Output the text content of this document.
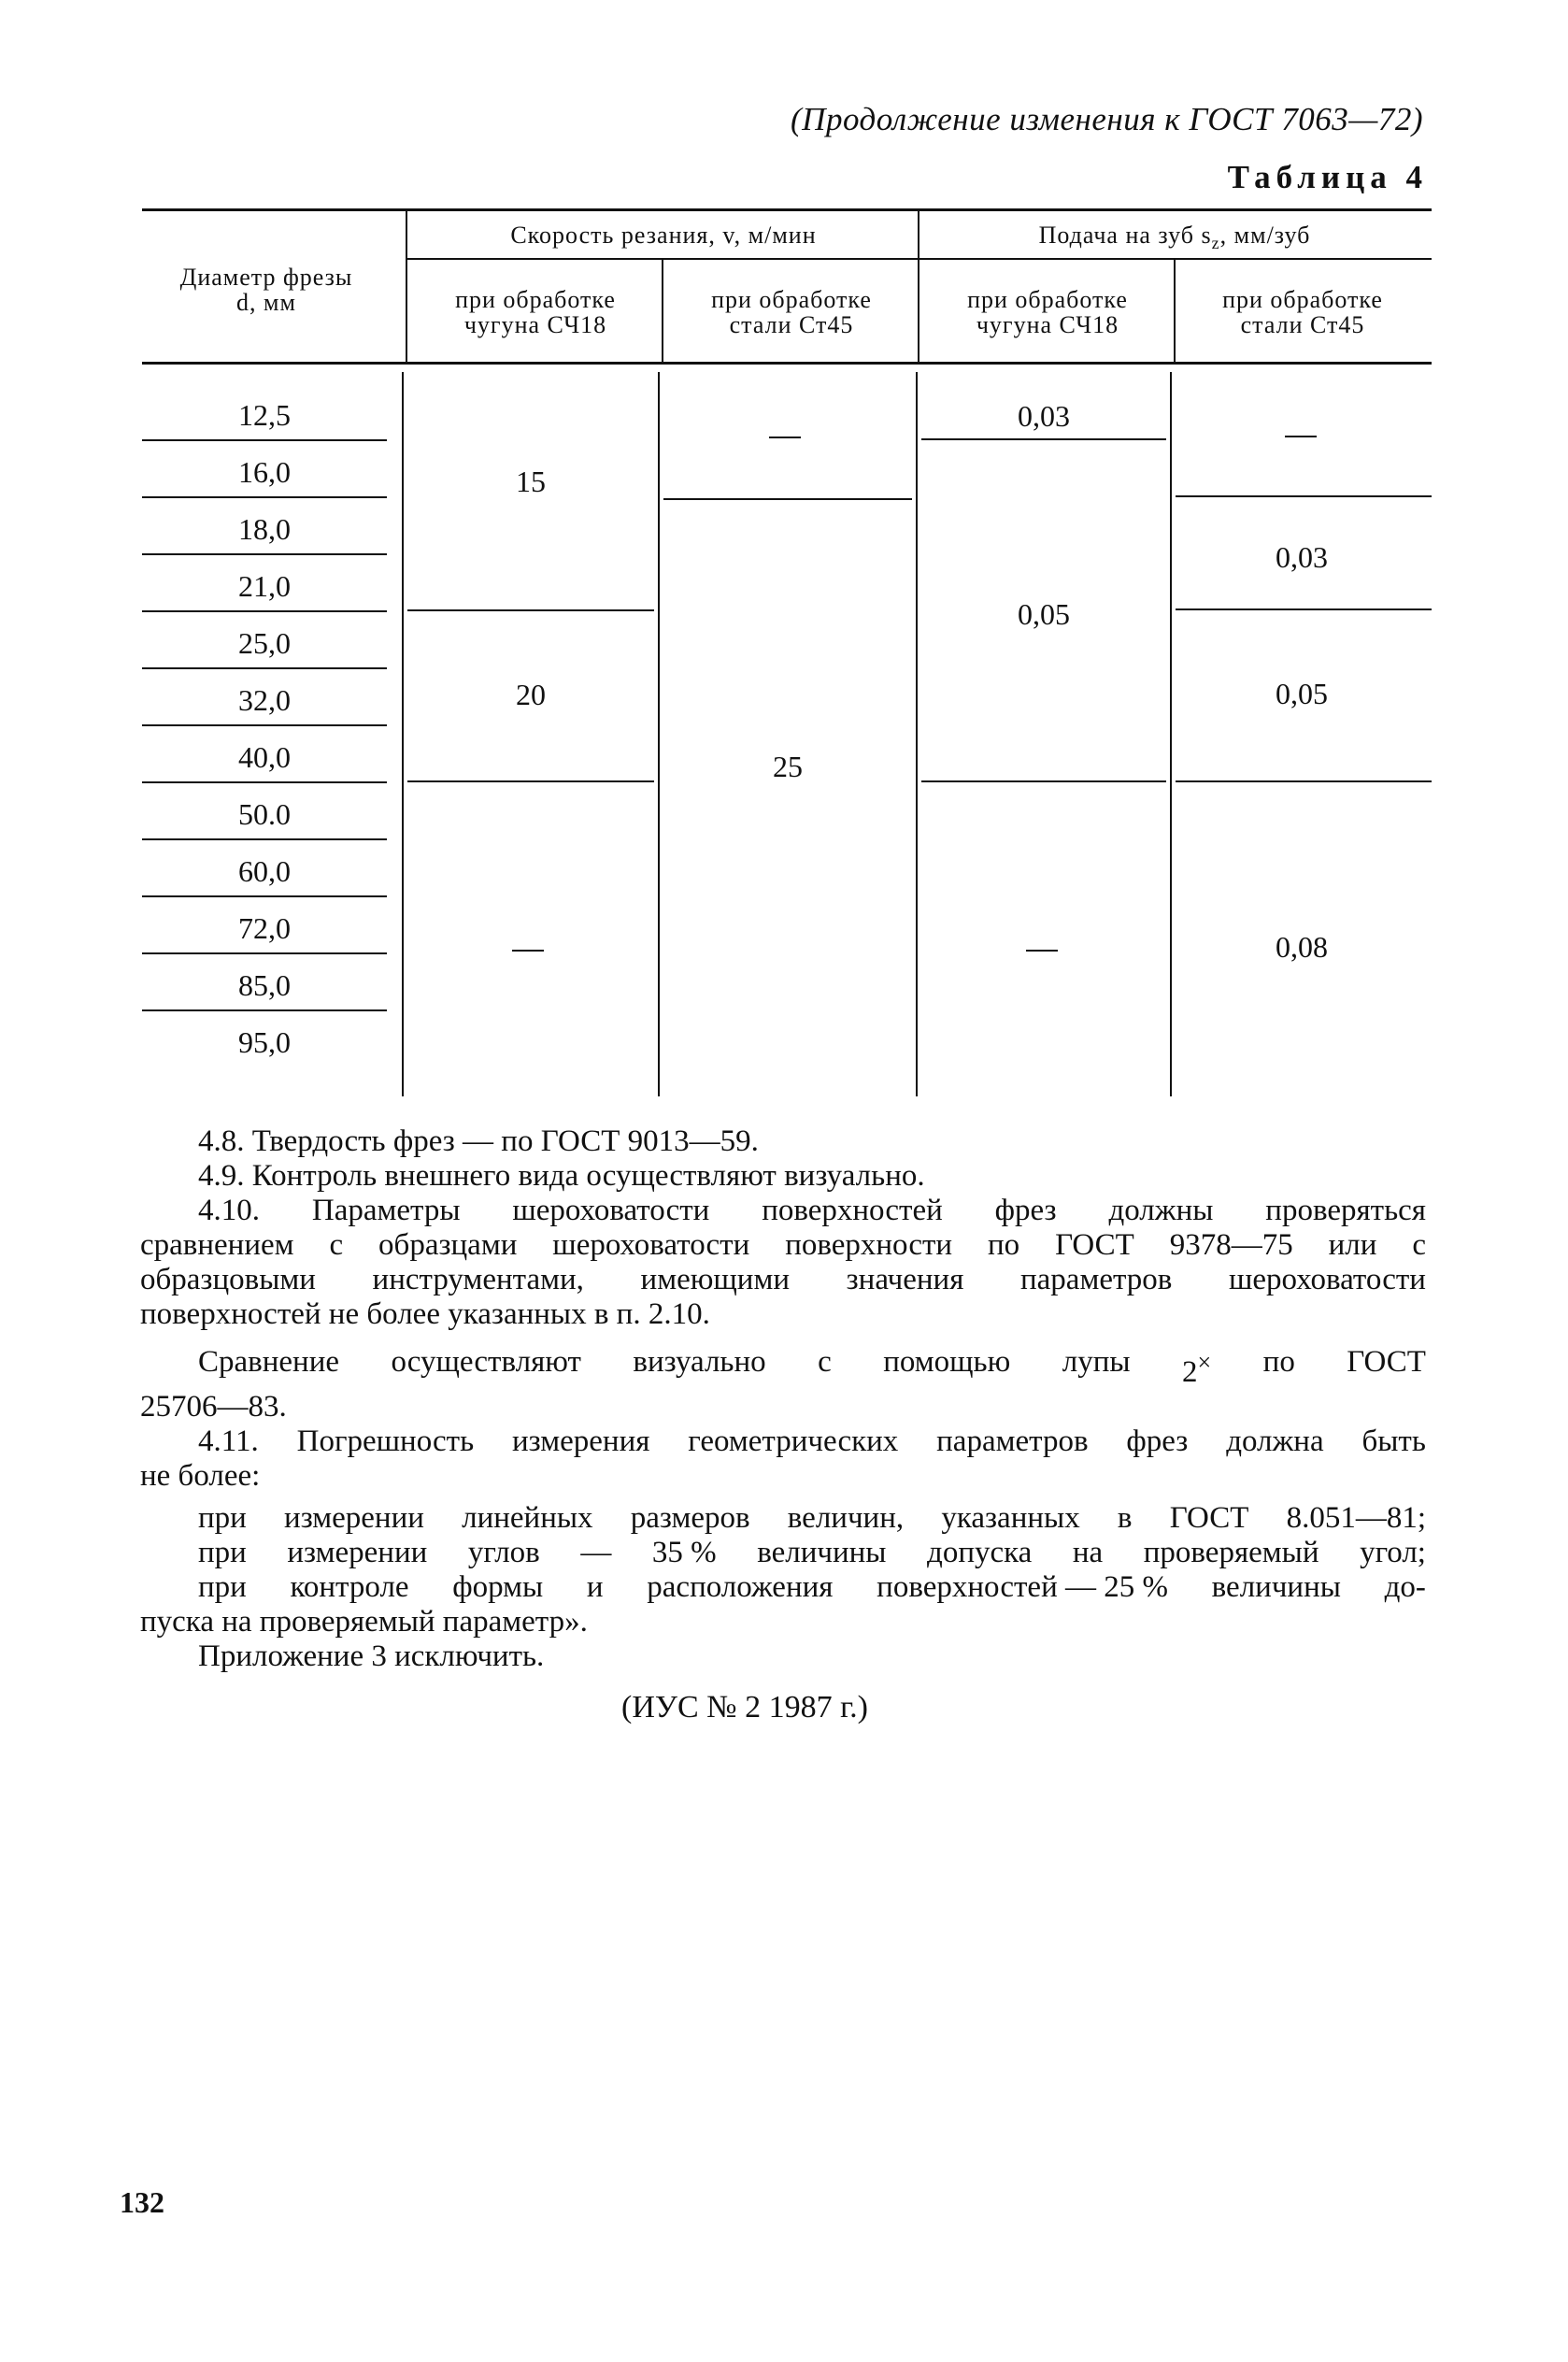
(Продолжение изменения к ГОСТ 7063—72)
Таблица 4
Диаметр фрезы
d, мм
Скорость резания, v, м/мин	Подача на зуб $s_z$, мм/зуб
при обработке
чугуна СЧ18
при обработке
стали Ст45
при обработке
чугуна СЧ18
при обработке
стали Ст45
12,5
16,0
18,0
21,0
25,0
32,0
40,0
50.0
60,0
72,0
85,0
95,0
15
20
25
0,03
0,05
0,03
0,05
0,08
4.8. Твердость фрез — по ГОСТ 9013—59.
4.9. Контроль внешнего вида осуществляют визуально.
4.10. Параметры шероховатости поверхностей фрез должны проверяться
сравнением с образцами шероховатости поверхности по ГОСТ 9378—75 или с
образцовыми инструментами, имеющими значения параметров шероховатости
поверхностей не более указанных в п. 2.10.
Сравнение осуществляют визуально с помощью лупы 2× по ГОСТ
25706—83.
4.11. Погрешность измерения геометрических параметров фрез должна быть
не более:
при измерении линейных размеров величин, указанных в ГОСТ 8.051—81;
при измерении углов — 35 % величины допуска на проверяемый угол;
при контроле формы и расположения поверхностей — 25 % величины до-
пуска на проверяемый параметр».
Приложение 3 исключить.
(ИУС № 2 1987 г.)
132
